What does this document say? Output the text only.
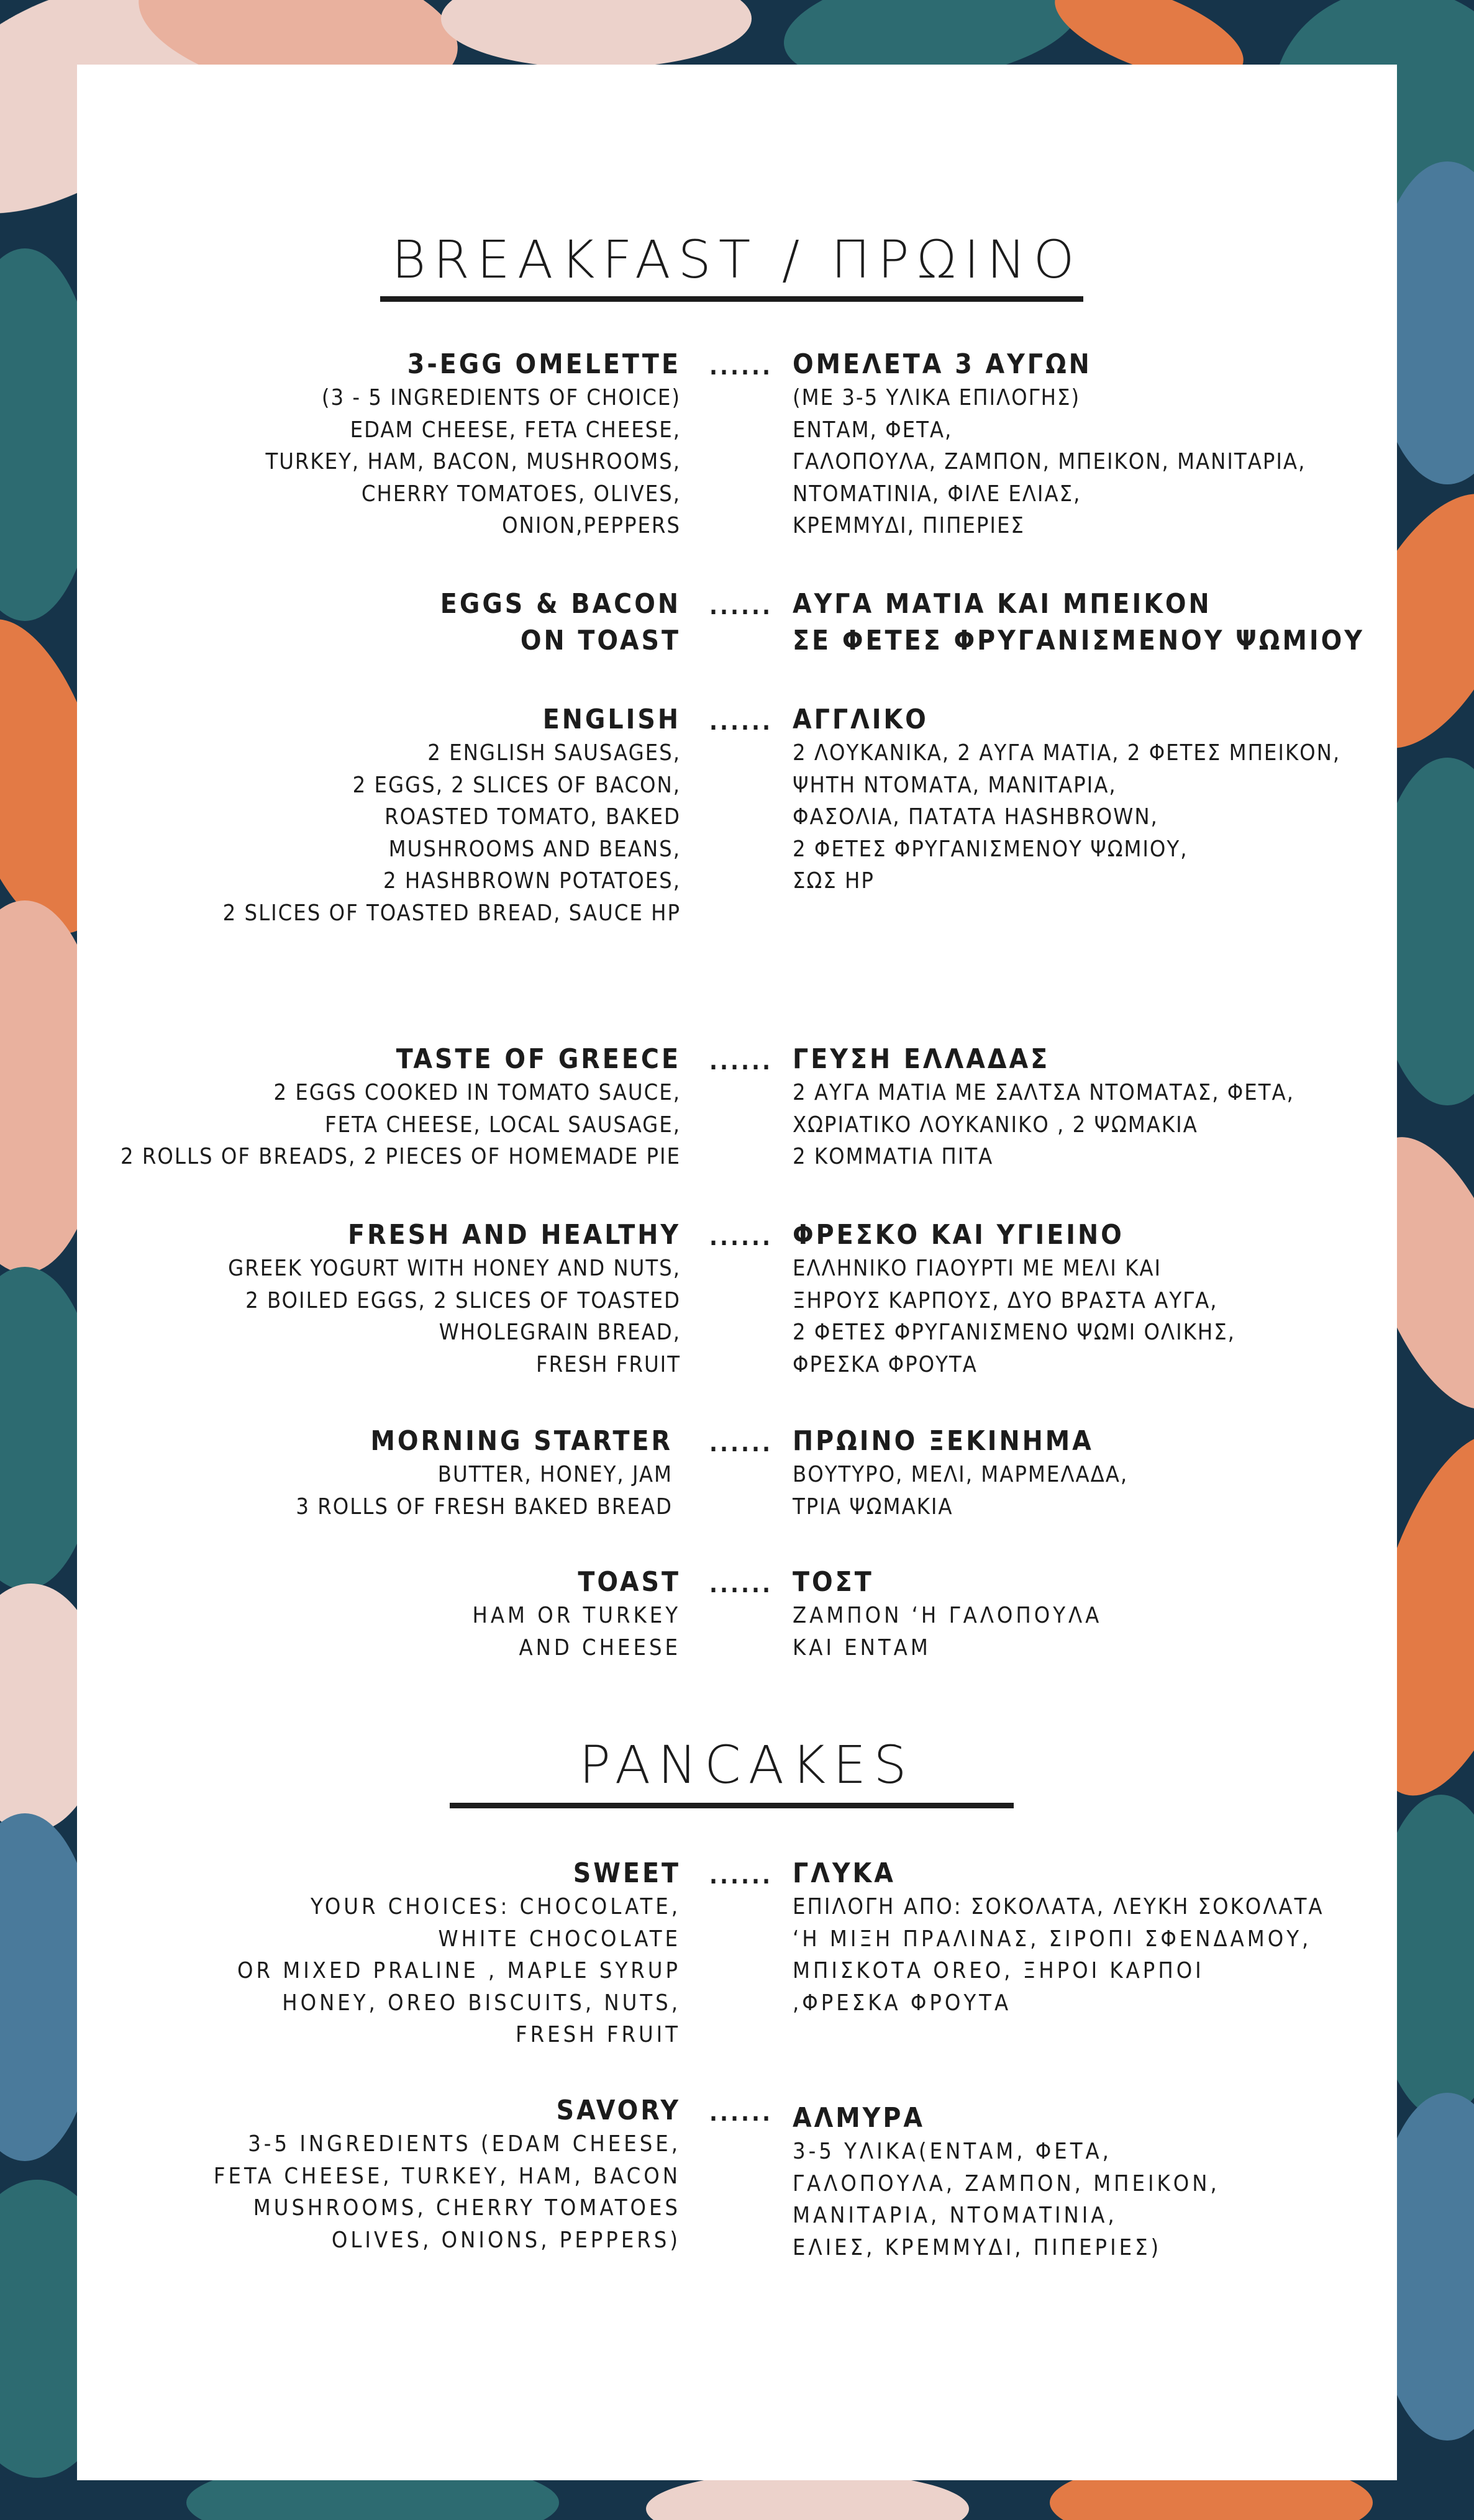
BREAKFAST / ΠΡΩΙΝΟ
3-EGG OMELETTE
(3 - 5 INGREDIENTS OF CHOICE)
EDAM CHEESE, FETA CHEESE,
TURKEY, HAM, BACON, MUSHROOMS,
CHERRY TOMATOES, OLIVES,
ONION,PEPPERS
...... ΟΜΕΛΕΤΑ 3 ΑΥΓΩΝ
(ΜΕ 3-5 ΥΛΙΚΑ ΕΠΙΛΟΓΗΣ)
ΕΝΤΑΜ, ΦΕΤΑ,
ΓΑΛΟΠΟΥΛΑ, ΖΑΜΠΟΝ, ΜΠΕΙΚΟΝ, ΜΑΝΙΤΑΡΙΑ,
ΝΤΟΜΑΤΙΝΙΑ, ΦΙΛΕ ΕΛΙΑΣ,
ΚΡΕΜΜΥΔΙ, ΠΙΠΕΡΙΕΣ
EGGS & BACON
ON TOAST
...... ΑΥΓΑ ΜΑΤΙΑ ΚΑΙ ΜΠΕΙΚΟΝ
ΣΕ ΦΕΤΕΣ ΦΡΥΓΑΝΙΣΜΕΝΟΥ ΨΩΜΙΟΥ
ENGLISH
2 ENGLISH SAUSAGES,
2 EGGS, 2 SLICES OF BACON,
ROASTED TOMATO, BAKED
MUSHROOMS AND BEANS,
2 HASHBROWN POTATOES,
2 SLICES OF TOASTED BREAD, SAUCE HP
...... ΑΓΓΛΙΚΟ
2 ΛΟΥΚΑΝΙΚΑ, 2 ΑΥΓΑ ΜΑΤΙΑ, 2 ΦΕΤΕΣ ΜΠΕΙΚΟΝ,
ΨΗΤΗ ΝΤΟΜΑΤΑ, ΜΑΝΙΤΑΡΙΑ,
ΦΑΣΟΛΙΑ, ΠΑΤΑΤΑ HASHBROWN,
2 ΦΕΤΕΣ ΦΡΥΓΑΝΙΣΜΕΝΟΥ ΨΩΜΙΟΥ,
ΣΩΣ HP
TASTE OF GREECE
2 EGGS COOKED IN TOMATO SAUCE,
FETA CHEESE, LOCAL SAUSAGE,
2 ROLLS OF BREADS, 2 PIECES OF HOMEMADE PIE
...... ΓΕΥΣΗ ΕΛΛΑΔΑΣ
2 ΑΥΓΑ ΜΑΤΙΑ ΜΕ ΣΑΛΤΣΑ ΝΤΟΜΑΤΑΣ, ΦΕΤΑ,
ΧΩΡΙΑΤΙΚΟ ΛΟΥΚΑΝΙΚΟ , 2 ΨΩΜΑΚΙΑ
2 ΚΟΜΜΑΤΙΑ ΠΙΤΑ
FRESH AND HEALTHY
GREEK YOGURT WITH HONEY AND NUTS,
2 BOILED EGGS, 2 SLICES OF TOASTED
WHOLEGRAIN BREAD,
FRESH FRUIT
...... ΦΡΕΣΚΟ ΚΑΙ ΥΓΙΕΙΝΟ
ΕΛΛΗΝΙΚΟ ΓΙΑΟΥΡΤΙ ΜΕ ΜΕΛΙ ΚΑΙ
ΞΗΡΟΥΣ ΚΑΡΠΟΥΣ, ΔΥΟ ΒΡΑΣΤΑ ΑΥΓΑ,
2 ΦΕΤΕΣ ΦΡΥΓΑΝΙΣΜΕΝΟ ΨΩΜΙ ΟΛΙΚΗΣ,
ΦΡΕΣΚΑ ΦΡΟΥΤΑ
MORNING STARTER
BUTTER, HONEY, JAM
3 ROLLS OF FRESH BAKED BREAD
...... ΠΡΩΙΝΟ ΞΕΚΙΝΗΜΑ
ΒΟΥΤΥΡΟ, ΜΕΛΙ, ΜΑΡΜΕΛΑΔΑ,
ΤΡΙΑ ΨΩΜΑΚΙΑ
TOAST
HAM OR TURKEY
AND CHEESE
...... ΤΟΣΤ
ΖΑΜΠΟΝ ‘Η ΓΑΛΟΠΟΥΛΑ
ΚΑΙ ΕΝΤΑΜ
PANCAKES
SWEET
YOUR CHOICES: CHOCOLATE,
WHITE CHOCOLATE
OR MIXED PRALINE , MAPLE SYRUP
HONEY, OREO BISCUITS, NUTS,
FRESH FRUIT
...... ΓΛΥΚΑ
ΕΠΙΛΟΓΗ ΑΠΟ: ΣΟΚΟΛΑΤΑ, ΛΕΥΚΗ ΣΟΚΟΛΑΤΑ
‘Η ΜΙΞΗ ΠΡΑΛΙΝΑΣ, ΣΙΡΟΠΙ ΣΦΕΝΔΑΜΟΥ,
ΜΠΙΣΚΟΤΑ OREO, ΞΗΡΟΙ ΚΑΡΠΟΙ
,ΦΡΕΣΚΑ ΦΡΟΥΤΑ
SAVORY
3-5 INGREDIENTS (EDAM CHEESE,
FETA CHEESE, TURKEY, HAM, BACON
MUSHROOMS, CHERRY TOMATOES
OLIVES, ONIONS, PEPPERS)
...... ΑΛΜΥΡΑ
3-5 ΥΛΙΚΑ(ΕΝΤΑΜ, ΦΕΤΑ,
ΓΑΛΟΠΟΥΛΑ, ΖΑΜΠΟΝ, ΜΠΕΙΚΟΝ,
ΜΑΝΙΤΑΡΙΑ, ΝΤΟΜΑΤΙΝΙΑ,
ΕΛΙΕΣ, ΚΡΕΜΜΥΔΙ, ΠΙΠΕΡΙΕΣ)
